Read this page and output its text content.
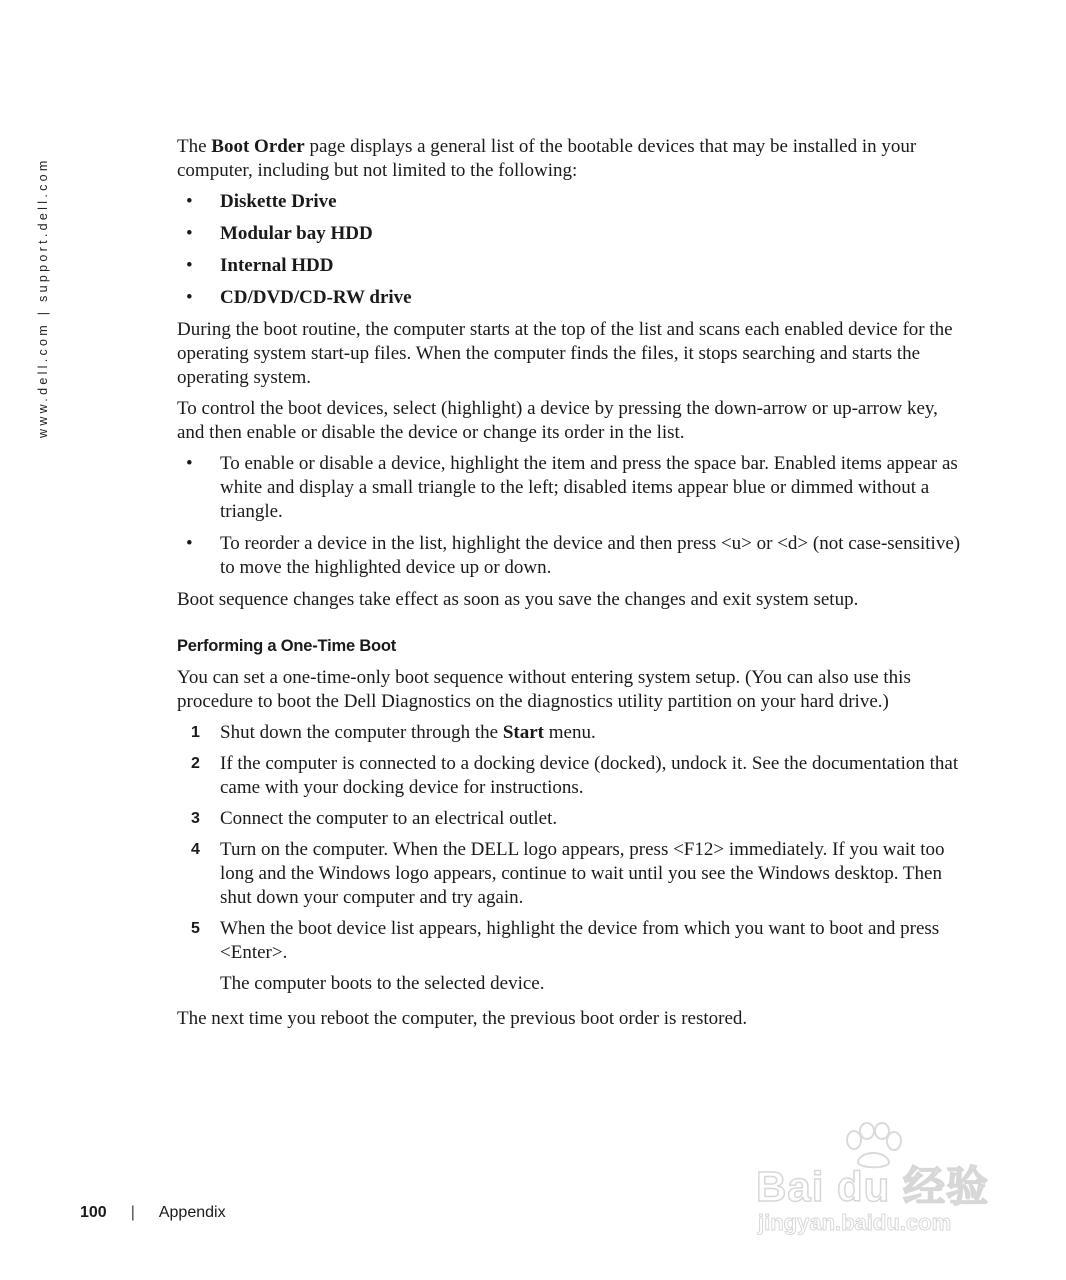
www.dell.com | support.dell.com

The Boot Order page displays a general list of the bootable devices that may be installed in your computer, including but not limited to the following:

• Diskette Drive
• Modular bay HDD
• Internal HDD
• CD/DVD/CD-RW drive

During the boot routine, the computer starts at the top of the list and scans each enabled device for the operating system start-up files. When the computer finds the files, it stops searching and starts the operating system.

To control the boot devices, select (highlight) a device by pressing the down-arrow or up-arrow key, and then enable or disable the device or change its order in the list.

• To enable or disable a device, highlight the item and press the space bar. Enabled items appear as white and display a small triangle to the left; disabled items appear blue or dimmed without a triangle.
• To reorder a device in the list, highlight the device and then press <u> or <d> (not case-sensitive) to move the highlighted device up or down.

Boot sequence changes take effect as soon as you save the changes and exit system setup.

Performing a One-Time Boot

You can set a one-time-only boot sequence without entering system setup. (You can also use this procedure to boot the Dell Diagnostics on the diagnostics utility partition on your hard drive.)

1 Shut down the computer through the Start menu.
2 If the computer is connected to a docking device (docked), undock it. See the documentation that came with your docking device for instructions.
3 Connect the computer to an electrical outlet.
4 Turn on the computer. When the DELL logo appears, press <F12> immediately. If you wait too long and the Windows logo appears, continue to wait until you see the Windows desktop. Then shut down your computer and try again.
5 When the boot device list appears, highlight the device from which you want to boot and press <Enter>.

The computer boots to the selected device.

The next time you reboot the computer, the previous boot order is restored.

100 | Appendix
Bai du 经验
jingyan.baidu.com
